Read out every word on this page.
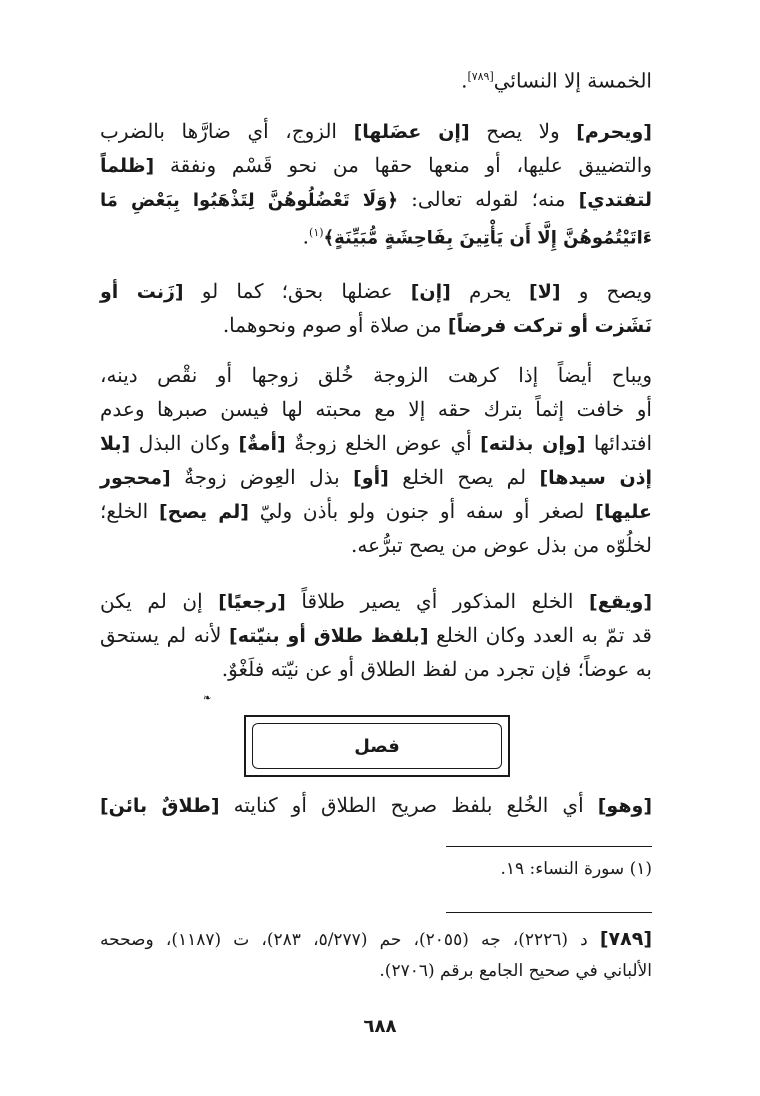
الخمسة إلا النسائي[٧٨٩].
[ويحرم] ولا يصح [إن عضَلها] الزوج، أي ضارَّها بالضرب
والتضييق عليها، أو منعها حقها من نحو قَسْم ونفقة [ظلماً
لتفتدي] منه؛ لقوله تعالى: ﴿وَلَا تَعْضُلُوهُنَّ لِتَذْهَبُوا بِبَعْضِ مَا
ءَاتَيْتُمُوهُنَّ إِلَّا أَن يَأْتِينَ بِفَاحِشَةٍ مُّبَيِّنَةٍ﴾$^{(١)}$.
ويصح و [لا] يحرم [إن] عضلها بحق؛ كما لو [زَنت أو
نَشَزت أو تركت فرضاً] من صلاة أو صوم ونحوهما.
ويباح أيضاً إذا كرهت الزوجة خُلق زوجها أو نقْص دينه،
أو خافت إثماً بترك حقه إلا مع محبته لها فيسن صبرها وعدم
افتدائها [وإن بذلته] أي عوض الخلع زوجةٌ [أمةٌ] وكان البذل [بلا
إذن سيدها] لم يصح الخلع [أو] بذل العِوض زوجةٌ [محجور
عليها] لصغر أو سفه أو جنون ولو بأذن وليّ [لم يصح] الخلع؛
لخلُوّه من بذل عوض من يصح تبرُّعه.
[ويقع] الخلع المذكور أي يصير طلاقاً [رجعيًا] إن لم يكن
قد تمّ به العدد وكان الخلع [بلفظ طلاق أو بنيّته] لأنه لم يستحق
به عوضاً؛ فإن تجرد من لفظ الطلاق أو عن نيّته فلَغْوٌ.
❧
فصل
[وهو] أي الخُلع بلفظ صريح الطلاق أو كنايته [طلاقٌ بائن]
(١) سورة النساء: ١٩.
[٧٨٩] د (٢٢٢٦)، جه (٢٠٥٥)، حم (٥/٢٧٧، ٢٨٣)، ت (١١٨٧)، وصححه
الألباني في صحيح الجامع برقم (٢٧٠٦).
٦٨٨
